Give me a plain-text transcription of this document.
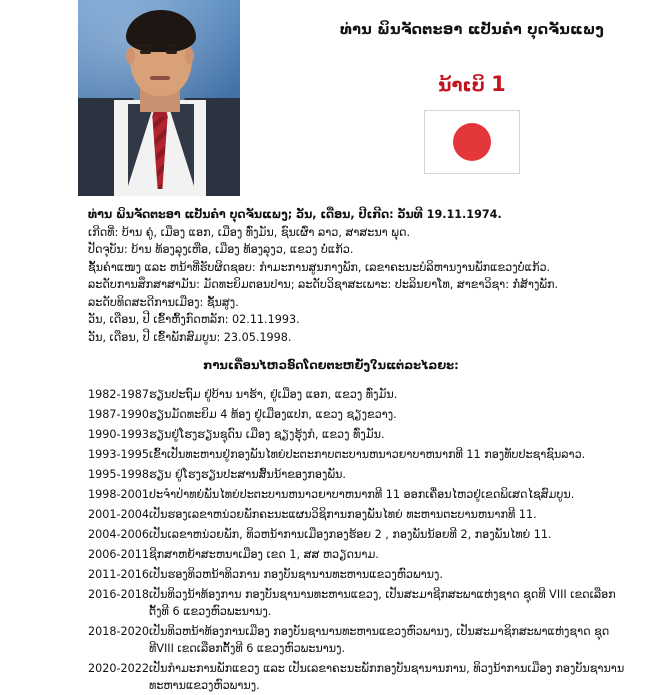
ທ່ານ ພິນຈັດຕະອາ ແປັນຄຳ ບຸດຈັນແພງ
ນ້າເບິ 1
ທ່ານ ພິນຈັດຕະອາ ແປັນຄຳ ບຸດຈັນແພງ; ວັນ, ເດືອນ, ປີເກີດ: ວັນທີ 19.11.1974.
ເກີດທີ່: ບ້ານ ຄູ່, ເມືອງ ແອກ, ເມືອງ ທົ່ງມັນ, ຊົນເຜົ່າ ລາວ, ສາສະນາ ພຸດ.
ປັດຈຸບັນ: ບ້ານ ທ້ອງລຸງເຫືອ, ເມືອງ ທ້ອງລຸງວ, ແຂວງ ບໍ່ແກ້ວ.
ຊັ້ນຄຳແໜງ ແລະ ຫນ້າທີ່ຮັບຜິດຊອບ: ກຳມະການສູນກາງພັກ, ເລຂາຄະນະບໍລິຫານງານພັກແຂວງບໍ່ແກ້ວ.
ລະດັບການສຶກສາສາມັນ: ມັດທະຍິມຕອນປານ; ລະດັບວິຊາສະເພາະ: ປະລິນຍາໂທ, ສາຂາວິຊາ: ກໍ່ສ້າງພັກ.
ລະດັບທິດສະດີການເມືອງ: ຊັ້ນສູງ.
ວັນ, ເດືອນ, ປີ ເຂົ້າຫົ້ງກົດຫລັກ: 02.11.1993.
ວັນ, ເດືອນ, ປີ ເຂົ້າພັກສົມບູນ: 23.05.1998.
ການເຄື່ອນໄຫວອົດໂດຍຕະຫຍັ່ງໃນແຕ່ລະໄລຍະ:
1982-1987	ຮຽນປະຖົມ ຢູ່ບ້ານ ນາຮ້າ, ຢູ່ເມືອງ ແອກ, ແຂວງ ທົ່ງມັນ.
1987-1990	ຮຽນມັດທະຍິມ 4 ທ້ອງ ຢູ່ເມືອງແປກ, ແຂວງ ຊຽງຂວາງ.
1990-1993	ຮຽນຢູ່ໂຮງຮຽນຊຸດົນ ເມືອງ ຊຽງຮຸ້ງກໍ, ແຂວງ ທົ່ງມັນ.
1993-1995	ເຂົ້າເປັນທະຫານຢູ່ກອງພັນໄທຍ່ປະຕະກາບຕະບານຫນາວຍາບາຫນາກທີ 11 ກອງທັບປະຊາຊົນລາວ.
1995-1998	ຮຽນ ຢູ່ໂຮງຮຽນປະສານສົ້ນນ້າຂອງກອງພັນ.
1998-2001	ປະຈຳປ່າທຍ່ພັນໄທຍ່ປະຕະບານຫນາວຍາບາຫນາກທີ 11 ອອກເຄື່ອນໄຫວຢູ່ເຂດພິເສດໄຊສົມບູນ.
2001-2004	ເປັນຮອງເລຂາຫນ່ວຍພັກຄະນະແຜນວິຊິການກອງພັນໄທຍ່ ທະຫານຕະບານຫນາກທີ 11.
2004-2006	ເປັນເລຂາຫນ່ວຍພັກ, ທິວຫນ້າການເມືອງກອງຮ້ອຍ 2 , ກອງພັນນ້ອຍທີ 2, ກອງພັນໄທຍ່ 11.
2006-2011	ຊີກສາຫຍ້າສະຫນາເມືອງ ເຂດ 1, ສສ ຫວຽດນາມ.
2011-2016	ເປັນຮອງທິວຫນ້າທິວການ ກອງບັນຊານານທະຫານແຂວງຫົວພານງ.
2016-2018	ເປັນທິວງນ້າທ້ອງການ ກອງບັນຊານານທະຫານແຂວງ, ເປັນສະມາຊີກສະພາແຫ່ງຊາດ ຊຸດທີ VIII ເຂດເລືອກຕັ້ງທີ 6 ແຂວງຫົວພະນານງ.
2018-2020	ເປັນທິວຫນ້າທ້ອງການເມືອງ ກອງບັນຊານານທະຫານແຂວງຫົວພານງ, ເປັນສະມາຊິກສະພາແຫ່ງຊາດ ຊຸດທີVIII ເຂດເລືອກຕັ້ງທີ 6 ແຂວງຫົວພະນານງ.
2020-2022	ເປັນກຳມະການພັກແຂວງ ແລະ ເປັນເລຂາຄະນະພັກກອງບັນຊານານການ, ທິວງນ້າການເມືອງ ກອງບັນຊານານທະຫານແຂວງຫົວພານງ.
